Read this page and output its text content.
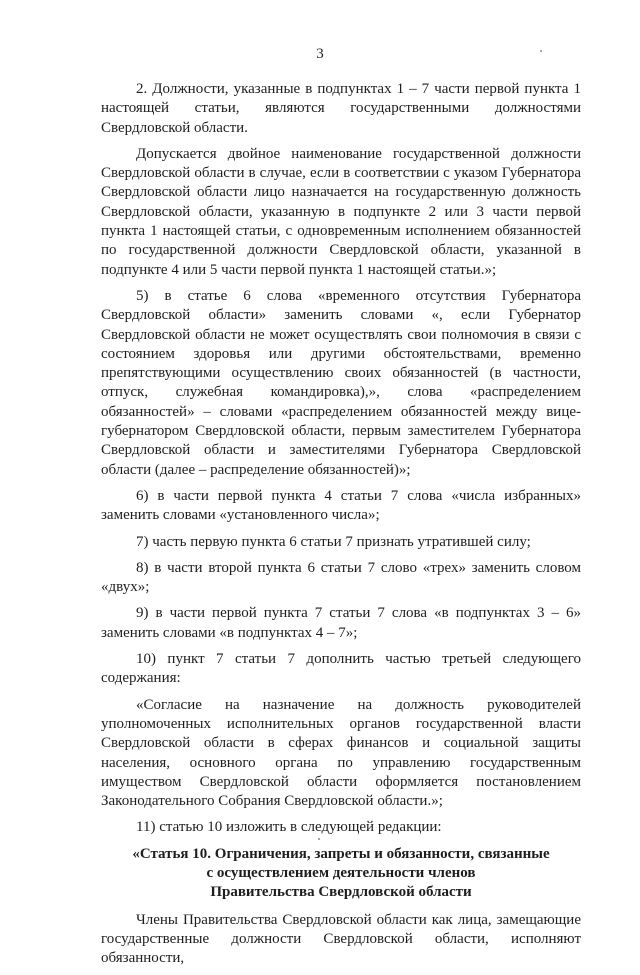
3

2. Должности, указанные в подпунктах 1 – 7 части первой пункта 1 настоящей статьи, являются государственными должностями Свердловской области.

Допускается двойное наименование государственной должности Свердловской области в случае, если в соответствии с указом Губернатора Свердловской области лицо назначается на государственную должность Свердловской области, указанную в подпункте 2 или 3 части первой пункта 1 настоящей статьи, с одновременным исполнением обязанностей по государственной должности Свердловской области, указанной в подпункте 4 или 5 части первой пункта 1 настоящей статьи.»;

5) в статье 6 слова «временного отсутствия Губернатора Свердловской области» заменить словами «, если Губернатор Свердловской области не может осуществлять свои полномочия в связи с состоянием здоровья или другими обстоятельствами, временно препятствующими осуществлению своих обязанностей (в частности, отпуск, служебная командировка),», слова «распределением обязанностей» – словами «распределением обязанностей между вице-губернатором Свердловской области, первым заместителем Губернатора Свердловской области и заместителями Губернатора Свердловской области (далее – распределение обязанностей)»;

6) в части первой пункта 4 статьи 7 слова «числа избранных» заменить словами «установленного числа»;

7) часть первую пункта 6 статьи 7 признать утратившей силу;

8) в части второй пункта 6 статьи 7 слово «трех» заменить словом «двух»;

9) в части первой пункта 7 статьи 7 слова «в подпунктах 3 – 6» заменить словами «в подпунктах 4 – 7»;

10) пункт 7 статьи 7 дополнить частью третьей следующего содержания:

«Согласие на назначение на должность руководителей уполномоченных исполнительных органов государственной власти Свердловской области в сферах финансов и социальной защиты населения, основного органа по управлению государственным имуществом Свердловской области оформляется постановлением Законодательного Собрания Свердловской области.»;

11) статью 10 изложить в следующей редакции:

«Статья 10. Ограничения, запреты и обязанности, связанные
с осуществлением деятельности членов
Правительства Свердловской области

Члены Правительства Свердловской области как лица, замещающие государственные должности Свердловской области, исполняют обязанности,
